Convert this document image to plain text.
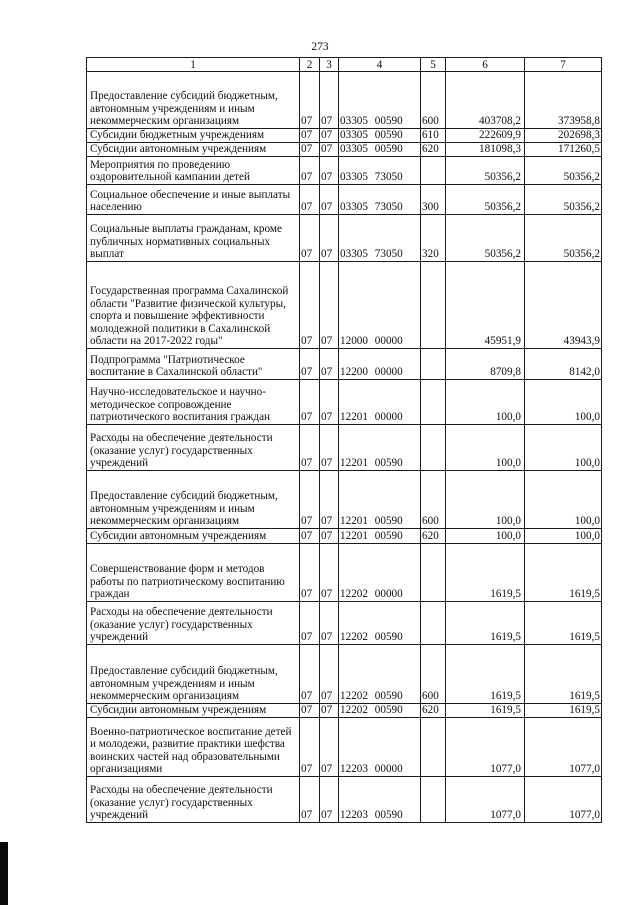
273
1	2	3	4	5	6	7
Предоставление субсидий бюджетным, автономным учреждениям и иным некоммерческим организациям	07	07	03305 00590	600	403708,2	373958,8
Субсидии бюджетным учреждениям	07	07	03305 00590	610	222609,9	202698,3
Субсидии автономным учреждениям	07	07	03305 00590	620	181098,3	171260,5
Мероприятия по проведению оздоровительной кампании детей	07	07	03305 73050		50356,2	50356,2
Социальное обеспечение и иные выплаты населению	07	07	03305 73050	300	50356,2	50356,2
Социальные выплаты гражданам, кроме публичных нормативных социальных выплат	07	07	03305 73050	320	50356,2	50356,2
Государственная программа Сахалинской области "Развитие физической культуры, спорта и повышение эффективности молодежной политики в Сахалинской области на 2017-2022 годы"	07	07	12000 00000		45951,9	43943,9
Подпрограмма "Патриотическое воспитание в Сахалинской области"	07	07	12200 00000		8709,8	8142,0
Научно-исследовательское и научно-методическое сопровождение патриотического воспитания граждан	07	07	12201 00000		100,0	100,0
Расходы на обеспечение деятельности (оказание услуг) государственных учреждений	07	07	12201 00590		100,0	100,0
Предоставление субсидий бюджетным, автономным учреждениям и иным некоммерческим организациям	07	07	12201 00590	600	100,0	100,0
Субсидии автономным учреждениям	07	07	12201 00590	620	100,0	100,0
Совершенствование форм и методов работы по патриотическому воспитанию граждан	07	07	12202 00000		1619,5	1619,5
Расходы на обеспечение деятельности (оказание услуг) государственных учреждений	07	07	12202 00590		1619,5	1619,5
Предоставление субсидий бюджетным, автономным учреждениям и иным некоммерческим организациям	07	07	12202 00590	600	1619,5	1619,5
Субсидии автономным учреждениям	07	07	12202 00590	620	1619,5	1619,5
Военно-патриотическое воспитание детей и молодежи, развитие практики шефства воинских частей над образовательными организациями	07	07	12203 00000		1077,0	1077,0
Расходы на обеспечение деятельности (оказание услуг) государственных учреждений	07	07	12203 00590		1077,0	1077,0
